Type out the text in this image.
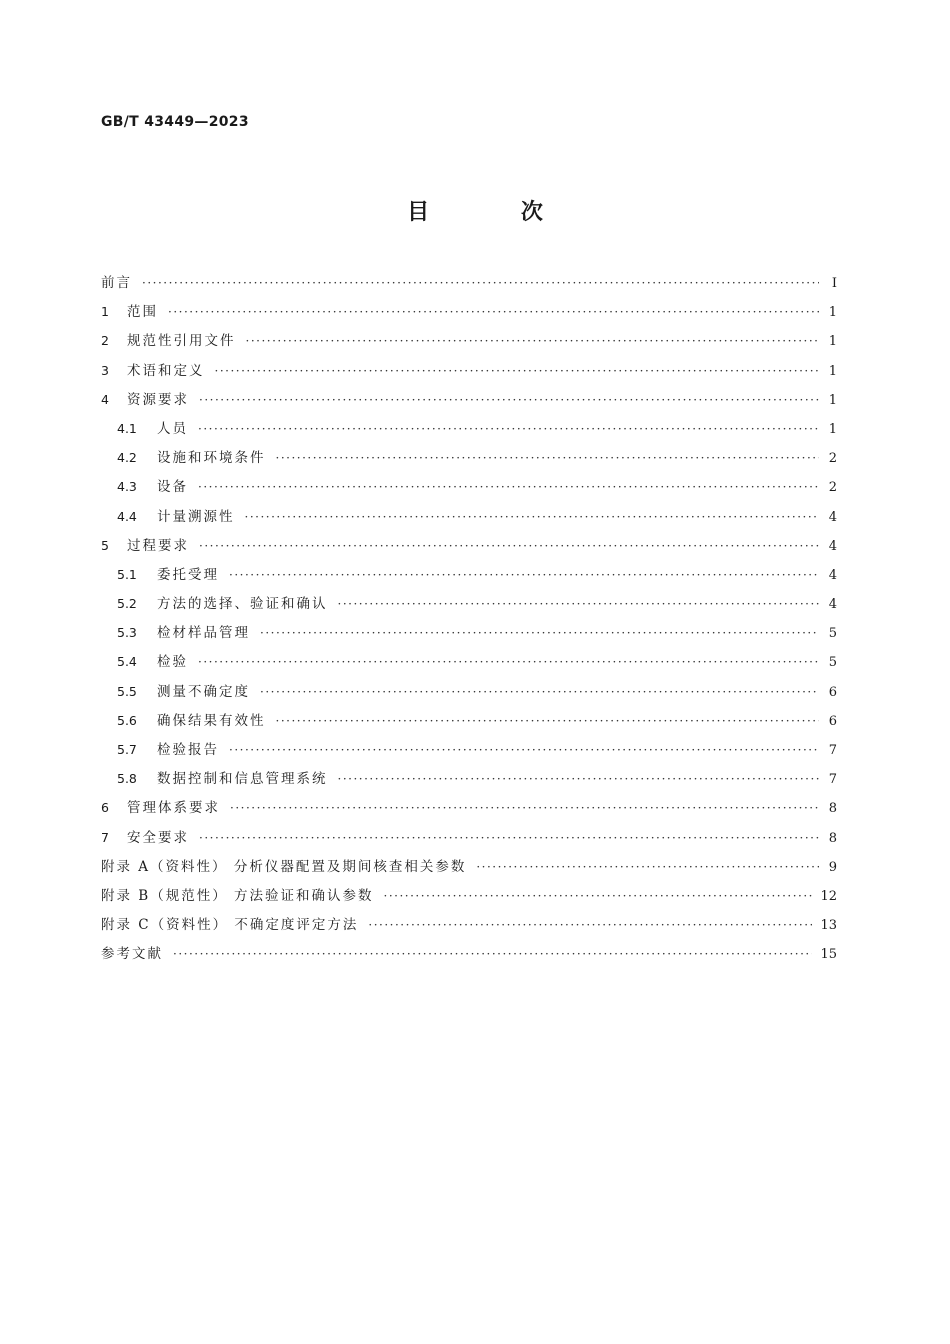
GB/T 43449—2023
目 次
前言 ·····	Ⅰ
1	范围 ·····	1
2	规范性引用文件 ·····	1
3	术语和定义 ·····	1
4	资源要求 ·····	1
4.1	人员 ·····	1
4.2	设施和环境条件 ·····	2
4.3	设备 ·····	2
4.4	计量溯源性 ·····	4
5	过程要求 ·····	4
5.1	委托受理 ·····	4
5.2	方法的选择、验证和确认 ·····	4
5.3	检材样品管理 ·····	5
5.4	检验 ·····	5
5.5	测量不确定度 ·····	6
5.6	确保结果有效性 ·····	6
5.7	检验报告 ·····	7
5.8	数据控制和信息管理系统 ·····	7
6	管理体系要求 ·····	8
7	安全要求 ·····	8
附录 A（资料性） 分析仪器配置及期间核查相关参数 ·····	9
附录 B（规范性） 方法验证和确认参数 ·····	12
附录 C（资料性） 不确定度评定方法 ·····	13
参考文献 ·····	15
